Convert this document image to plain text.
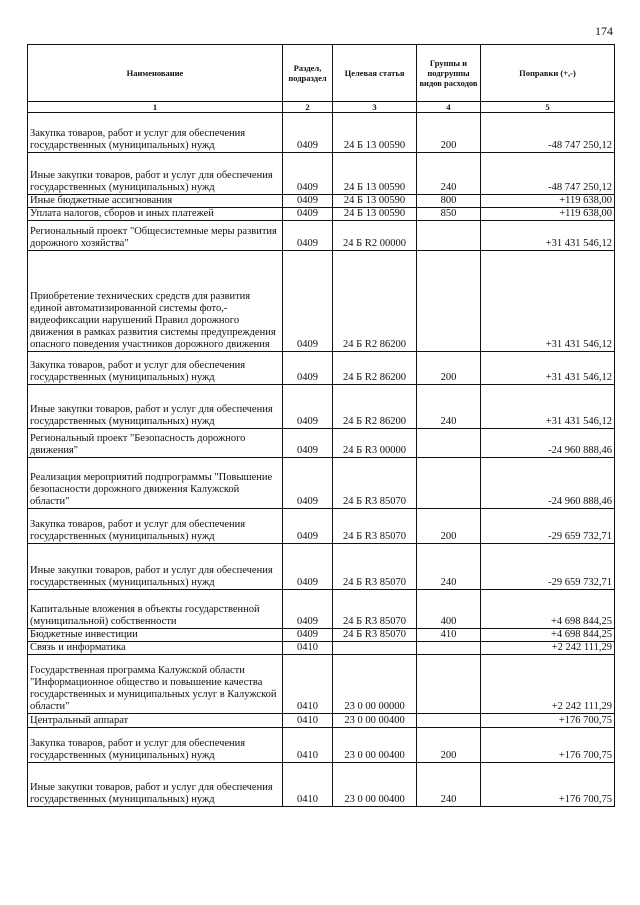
174
Наименование	Раздел, подраздел	Целевая статья	Группы и подгруппы видов расходов	Поправки (+,-)
1	2	3	4	5
Закупка товаров, работ и услуг для обеспечения государственных (муниципальных) нужд	0409	24 Б 13 00590	200	-48 747 250,12
Иные закупки товаров, работ и услуг для обеспечения государственных (муниципальных) нужд	0409	24 Б 13 00590	240	-48 747 250,12
Иные бюджетные ассигнования	0409	24 Б 13 00590	800	+119 638,00
Уплата налогов, сборов и иных платежей	0409	24 Б 13 00590	850	+119 638,00
Региональный проект "Общесистемные меры развития дорожного хозяйства"	0409	24 Б R2 00000		+31 431 546,12
Приобретение технических средств для развития единой автоматизированной системы фото,-видеофиксации нарушений Правил дорожного движения в рамках развития системы предупреждения опасного поведения участников дорожного движения	0409	24 Б R2 86200		+31 431 546,12
Закупка товаров, работ и услуг для обеспечения государственных (муниципальных) нужд	0409	24 Б R2 86200	200	+31 431 546,12
Иные закупки товаров, работ и услуг для обеспечения государственных (муниципальных) нужд	0409	24 Б R2 86200	240	+31 431 546,12
Региональный проект "Безопасность дорожного движения"	0409	24 Б R3 00000		-24 960 888,46
Реализация мероприятий подпрограммы "Повышение безопасности дорожного движения Калужской области"	0409	24 Б R3 85070		-24 960 888,46
Закупка товаров, работ и услуг для обеспечения государственных (муниципальных) нужд	0409	24 Б R3 85070	200	-29 659 732,71
Иные закупки товаров, работ и услуг для обеспечения государственных (муниципальных) нужд	0409	24 Б R3 85070	240	-29 659 732,71
Капитальные вложения в объекты государственной (муниципальной) собственности	0409	24 Б R3 85070	400	+4 698 844,25
Бюджетные инвестиции	0409	24 Б R3 85070	410	+4 698 844,25
Связь и информатика	0410			+2 242 111,29
Государственная программа Калужской области "Информационное общество и повышение качества государственных и муниципальных услуг в Калужской области"	0410	23 0 00 00000		+2 242 111,29
Центральный аппарат	0410	23 0 00 00400		+176 700,75
Закупка товаров, работ и услуг для обеспечения государственных (муниципальных) нужд	0410	23 0 00 00400	200	+176 700,75
Иные закупки товаров, работ и услуг для обеспечения государственных (муниципальных) нужд	0410	23 0 00 00400	240	+176 700,75
